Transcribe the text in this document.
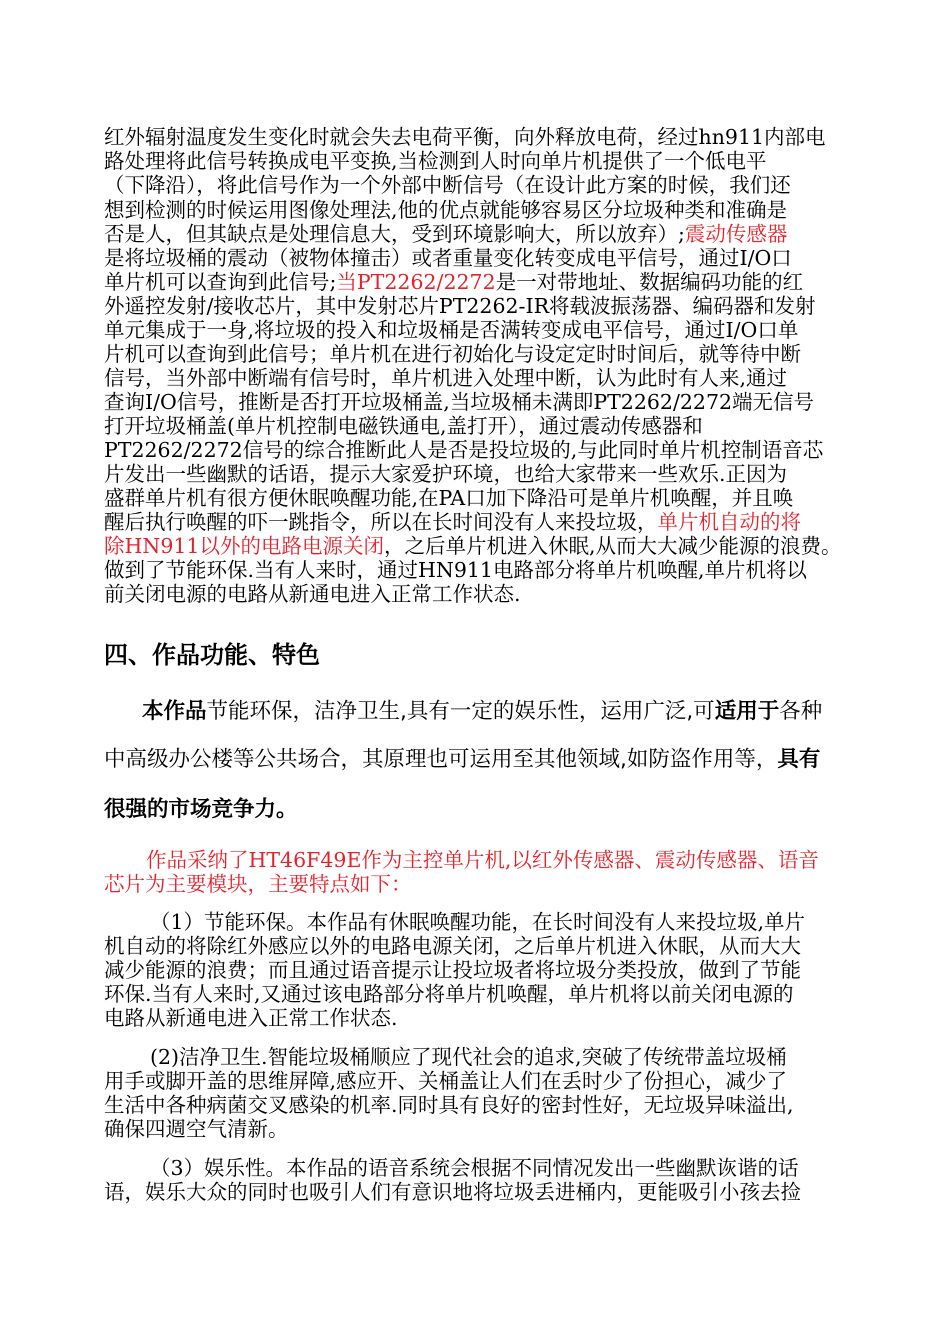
红外辐射温度发生变化时就会失去电荷平衡，向外释放电荷，经过hn911内部电
路处理将此信号转换成电平变换,当检测到人时向单片机提供了一个低电平
（下降沿），将此信号作为一个外部中断信号（在设计此方案的时候，我们还
想到检测的时候运用图像处理法,他的优点就能够容易区分垃圾种类和准确是
否是人，但其缺点是处理信息大，受到环境影响大，所以放弃）;震动传感器
是将垃圾桶的震动（被物体撞击）或者重量变化转变成电平信号，通过I/O口
单片机可以查询到此信号;当PT2262/2272是一对带地址、数据编码功能的红
外遥控发射/接收芯片，其中发射芯片PT2262-IR将载波振荡器、编码器和发射
单元集成于一身,将垃圾的投入和垃圾桶是否满转变成电平信号，通过I/O口单
片机可以查询到此信号；单片机在进行初始化与设定定时时间后，就等待中断
信号，当外部中断端有信号时，单片机进入处理中断，认为此时有人来,通过
查询I/O信号，推断是否打开垃圾桶盖,当垃圾桶未满即PT2262/2272端无信号
打开垃圾桶盖(单片机控制电磁铁通电,盖打开），通过震动传感器和
PT2262/2272信号的综合推断此人是否是投垃圾的,与此同时单片机控制语音芯
片发出一些幽默的话语，提示大家爱护环境，也给大家带来一些欢乐.正因为
盛群单片机有很方便休眠唤醒功能,在PA口加下降沿可是单片机唤醒，并且唤
醒后执行唤醒的吓一跳指令，所以在长时间没有人来投垃圾，单片机自动的将
除HN911以外的电路电源关闭，之后单片机进入休眠,从而大大减少能源的浪费。
做到了节能环保.当有人来时，通过HN911电路部分将单片机唤醒,单片机将以
前关闭电源的电路从新通电进入正常工作状态.
四、作品功能、特色
本作品节能环保，洁净卫生,具有一定的娱乐性，运用广泛,可适用于各种
中高级办公楼等公共场合，其原理也可运用至其他领域,如防盗作用等，具有
很强的市场竞争力。
作品采纳了HT46F49E作为主控单片机,以红外传感器、震动传感器、语音
芯片为主要模块，主要特点如下：
（1）节能环保。本作品有休眠唤醒功能，在长时间没有人来投垃圾,单片
机自动的将除红外感应以外的电路电源关闭，之后单片机进入休眠，从而大大
减少能源的浪费；而且通过语音提示让投垃圾者将垃圾分类投放，做到了节能
环保.当有人来时,又通过该电路部分将单片机唤醒，单片机将以前关闭电源的
电路从新通电进入正常工作状态.
(2)洁净卫生.智能垃圾桶顺应了现代社会的追求,突破了传统带盖垃圾桶
用手或脚开盖的思维屏障,感应开、关桶盖让人们在丢时少了份担心，减少了
生活中各种病菌交叉感染的机率.同时具有良好的密封性好，无垃圾异味溢出,
确保四週空气清新。
（3）娱乐性。本作品的语音系统会根据不同情况发出一些幽默诙谐的话
语，娱乐大众的同时也吸引人们有意识地将垃圾丢进桶内，更能吸引小孩去捡
